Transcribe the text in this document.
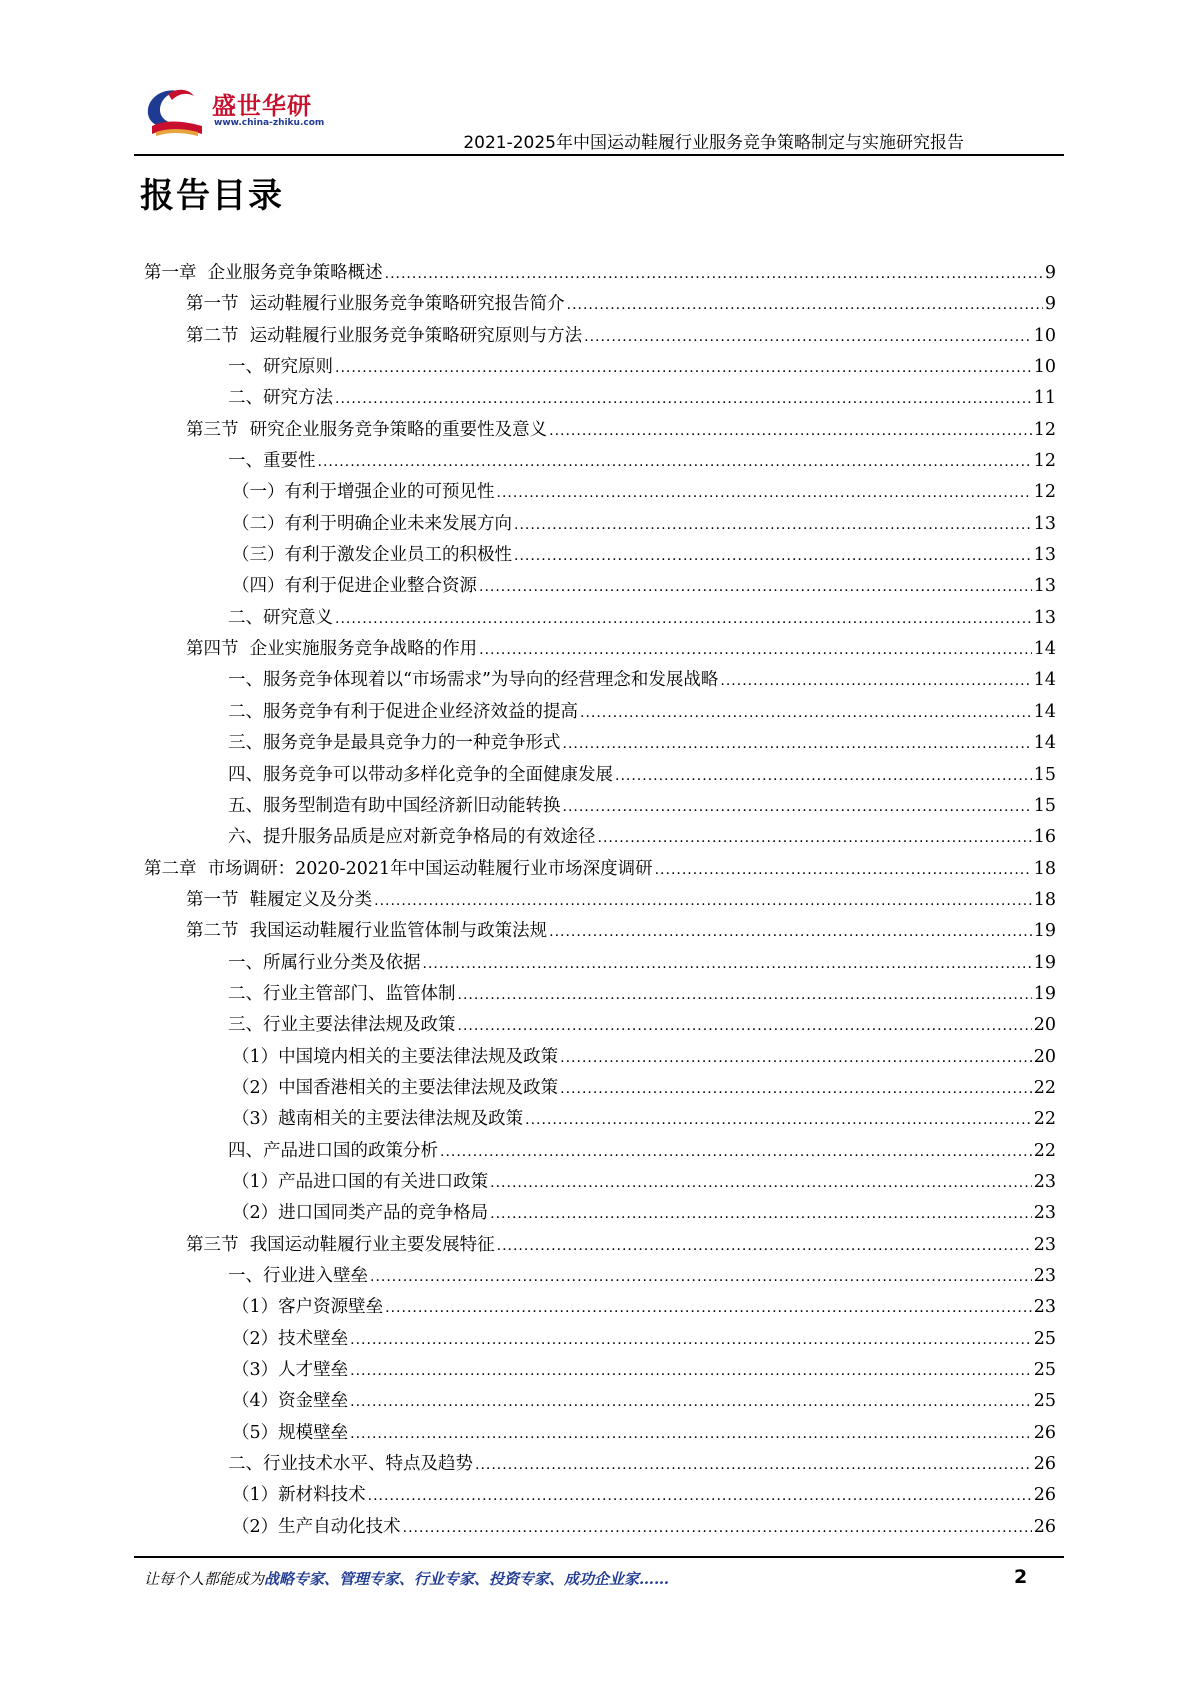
盛世华研
www.china-zhiku.com
2021-2025年中国运动鞋履行业服务竞争策略制定与实施研究报告
报告目录
第一章  企业服务竞争策略概述 .....	9
第一节  运动鞋履行业服务竞争策略研究报告简介 .....	9
第二节  运动鞋履行业服务竞争策略研究原则与方法 .....	10
一、研究原则 .....	10
二、研究方法 .....	11
第三节  研究企业服务竞争策略的重要性及意义 .....	12
一、重要性 .....	12
（一）有利于增强企业的可预见性 .....	12
（二）有利于明确企业未来发展方向 .....	13
（三）有利于激发企业员工的积极性 .....	13
（四）有利于促进企业整合资源 .....	13
二、研究意义 .....	13
第四节  企业实施服务竞争战略的作用 .....	14
一、服务竞争体现着以“市场需求”为导向的经营理念和发展战略 .....	14
二、服务竞争有利于促进企业经济效益的提高 .....	14
三、服务竞争是最具竞争力的一种竞争形式 .....	14
四、服务竞争可以带动多样化竞争的全面健康发展 .....	15
五、服务型制造有助中国经济新旧动能转换 .....	15
六、提升服务品质是应对新竞争格局的有效途径 .....	16
第二章  市场调研：2020-2021年中国运动鞋履行业市场深度调研 .....	18
第一节  鞋履定义及分类 .....	18
第二节  我国运动鞋履行业监管体制与政策法规 .....	19
一、所属行业分类及依据 .....	19
二、行业主管部门、监管体制 .....	19
三、行业主要法律法规及政策 .....	20
（1）中国境内相关的主要法律法规及政策 .....	20
（2）中国香港相关的主要法律法规及政策 .....	22
（3）越南相关的主要法律法规及政策 .....	22
四、产品进口国的政策分析 .....	22
（1）产品进口国的有关进口政策 .....	23
（2）进口国同类产品的竞争格局 .....	23
第三节  我国运动鞋履行业主要发展特征 .....	23
一、行业进入壁垒 .....	23
（1）客户资源壁垒 .....	23
（2）技术壁垒 .....	25
（3）人才壁垒 .....	25
（4）资金壁垒 .....	25
（5）规模壁垒 .....	26
二、行业技术水平、特点及趋势 .....	26
（1）新材料技术 .....	26
（2）生产自动化技术 .....	26
让每个人都能成为战略专家、管理专家、行业专家、投资专家、成功企业家……	2
